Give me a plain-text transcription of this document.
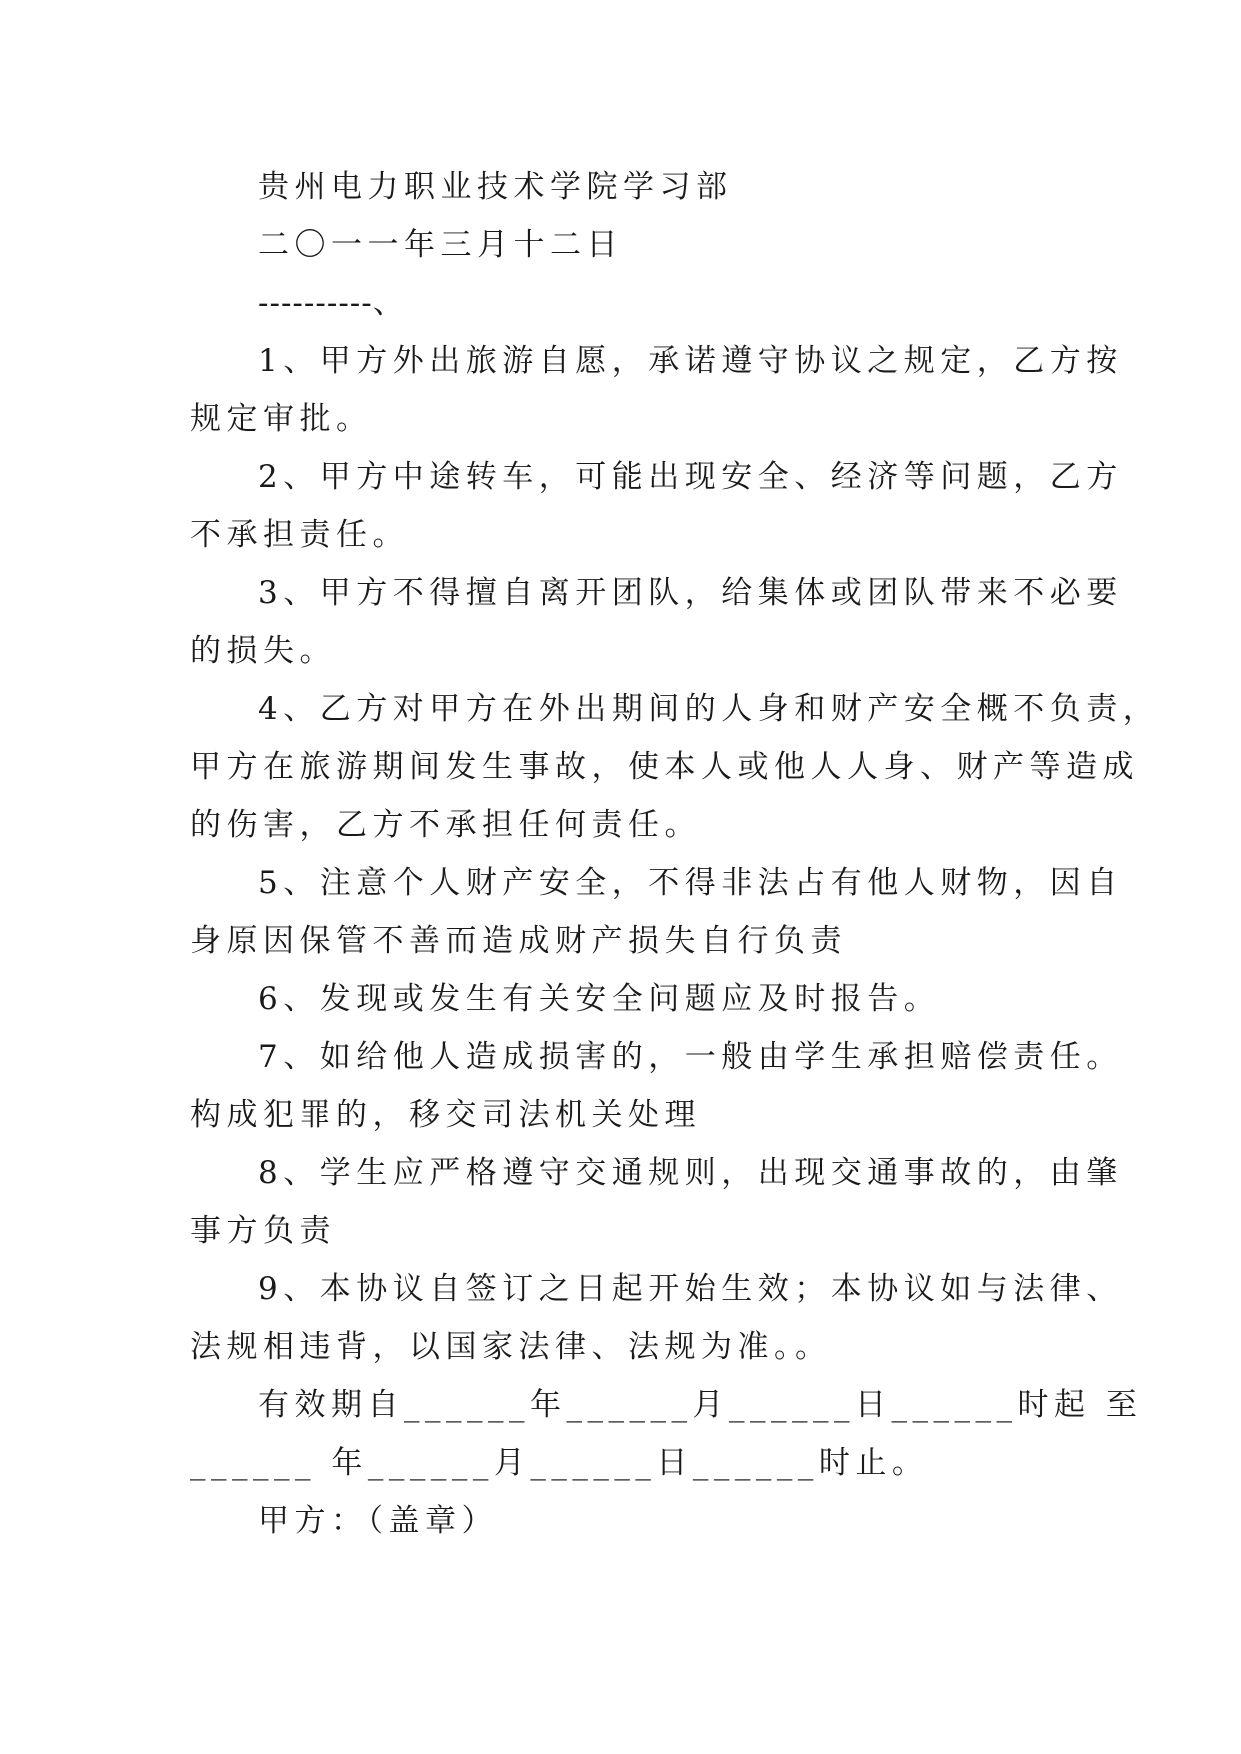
贵州电力职业技术学院学习部

二〇一一年三月十二日

----------、

1、甲方外出旅游自愿，承诺遵守协议之规定，乙方按
规定审批。
2、甲方中途转车，可能出现安全、经济等问题，乙方
不承担责任。
3、甲方不得擅自离开团队，给集体或团队带来不必要
的损失。
4、乙方对甲方在外出期间的人身和财产安全概不负责，
甲方在旅游期间发生事故，使本人或他人人身、财产等造成
的伤害，乙方不承担任何责任。
5、注意个人财产安全，不得非法占有他人财物，因自
身原因保管不善而造成财产损失自行负责
6、发现或发生有关安全问题应及时报告。
7、如给他人造成损害的，一般由学生承担赔偿责任。
构成犯罪的，移交司法机关处理
8、学生应严格遵守交通规则，出现交通事故的，由肇
事方负责
9、本协议自签订之日起开始生效；本协议如与法律、
法规相违背，以国家法律、法规为准。。

有效期自______年______月______日______时起 至

______ 年______月______日______时止。

甲方：（盖章）
